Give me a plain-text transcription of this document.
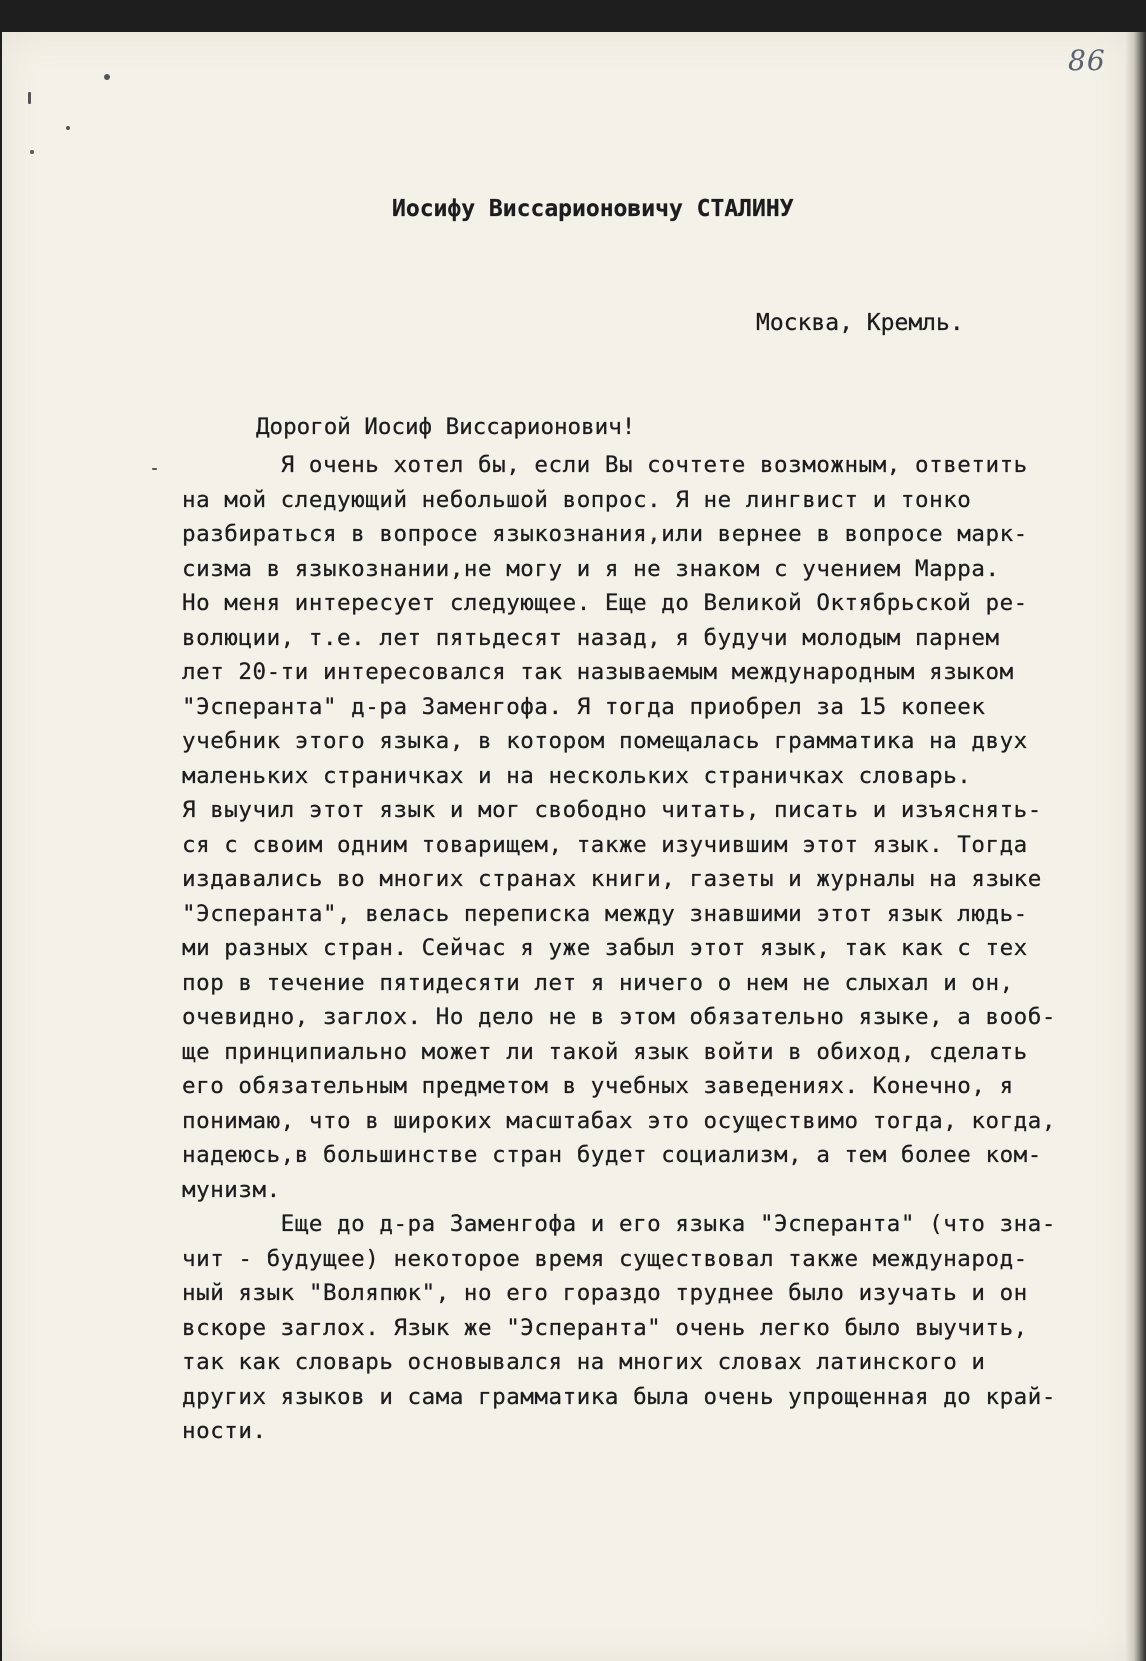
86
Иосифу Виссарионовичу СТАЛИНУ
Москва, Кремль.
Дорогой Иосиф Виссарионович!
Я очень хотел бы, если Вы сочтете возможным, ответить
на мой следующий небольшой вопрос. Я не лингвист и тонко
разбираться в вопросе языкознания,или вернее в вопросе марк-
сизма в языкознании,не могу и я не знаком с учением Марра.
Но меня интересует следующее. Еще до Великой Октябрьской ре-
волюции, т.е. лет пятьдесят назад, я будучи молодым парнем
лет 20-ти интересовался так называемым международным языком
"Эсперанта" д-ра Заменгофа. Я тогда приобрел за 15 копеек
учебник этого языка, в котором помещалась грамматика на двух
маленьких страничках и на нескольких страничках словарь.
Я выучил этот язык и мог свободно читать, писать и изъяснять-
ся с своим одним товарищем, также изучившим этот язык. Тогда
издавались во многих странах книги, газеты и журналы на языке
"Эсперанта", велась переписка между знавшими этот язык людь-
ми разных стран. Сейчас я уже забыл этот язык, так как с тех
пор в течение пятидесяти лет я ничего о нем не слыхал и он,
очевидно, заглох. Но дело не в этом обязательно языке, а вооб-
ще принципиально может ли такой язык войти в обиход, сделать
его обязательным предметом в учебных заведениях. Конечно, я
понимаю, что в широких масштабах это осуществимо тогда, когда,
надеюсь,в большинстве стран будет социализм, а тем более ком-
мунизм.
Еще до д-ра Заменгофа и его языка "Эсперанта" (что зна-
чит - будущее) некоторое время существовал также международ-
ный язык "Воляпюк", но его гораздо труднее было изучать и он
вскоре заглох. Язык же "Эсперанта" очень легко было выучить,
так как словарь основывался на многих словах латинского и
других языков и сама грамматика была очень упрощенная до край-
ности.
